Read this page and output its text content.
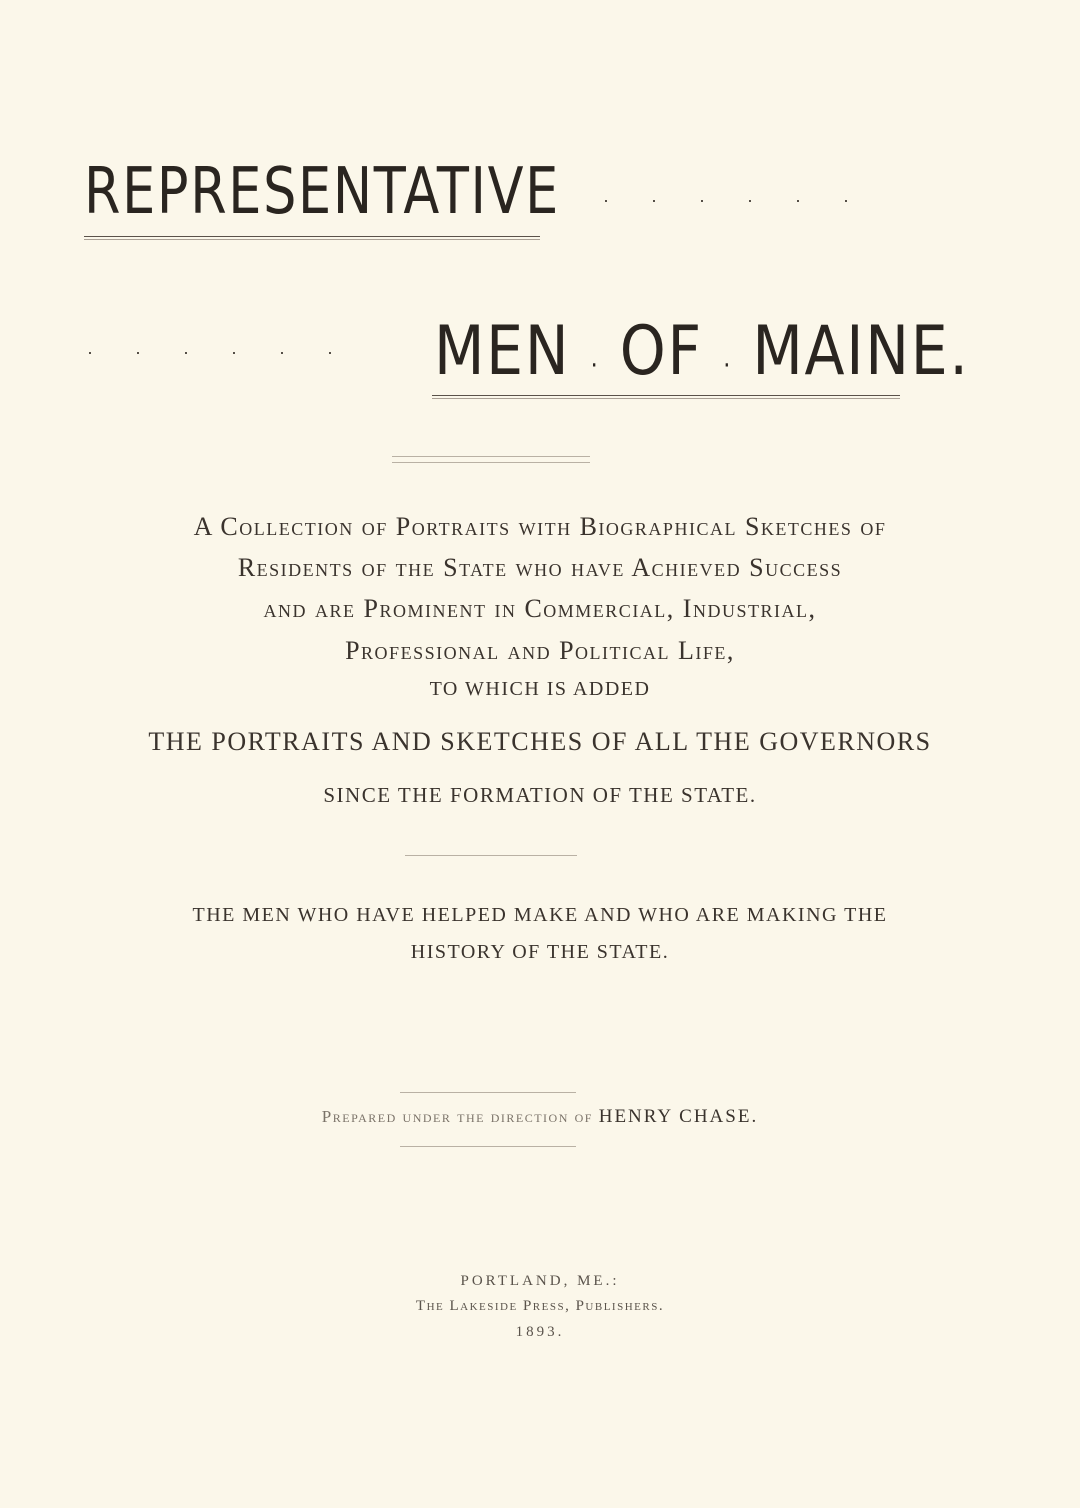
REPRESENTATIVE	· · · · · ·
· · · · · ·	MEN · OF · MAINE.
A Collection of Portraits with Biographical Sketches of
Residents of the State who have Achieved Success
and are Prominent in Commercial, Industrial,
Professional and Political Life,
TO WHICH IS ADDED
THE PORTRAITS AND SKETCHES OF ALL THE GOVERNORS
SINCE THE FORMATION OF THE STATE.
THE MEN WHO HAVE HELPED MAKE AND WHO ARE MAKING THE
HISTORY OF THE STATE.
Prepared under the direction of HENRY CHASE.
PORTLAND, ME.:
The Lakeside Press, Publishers.
1893.
